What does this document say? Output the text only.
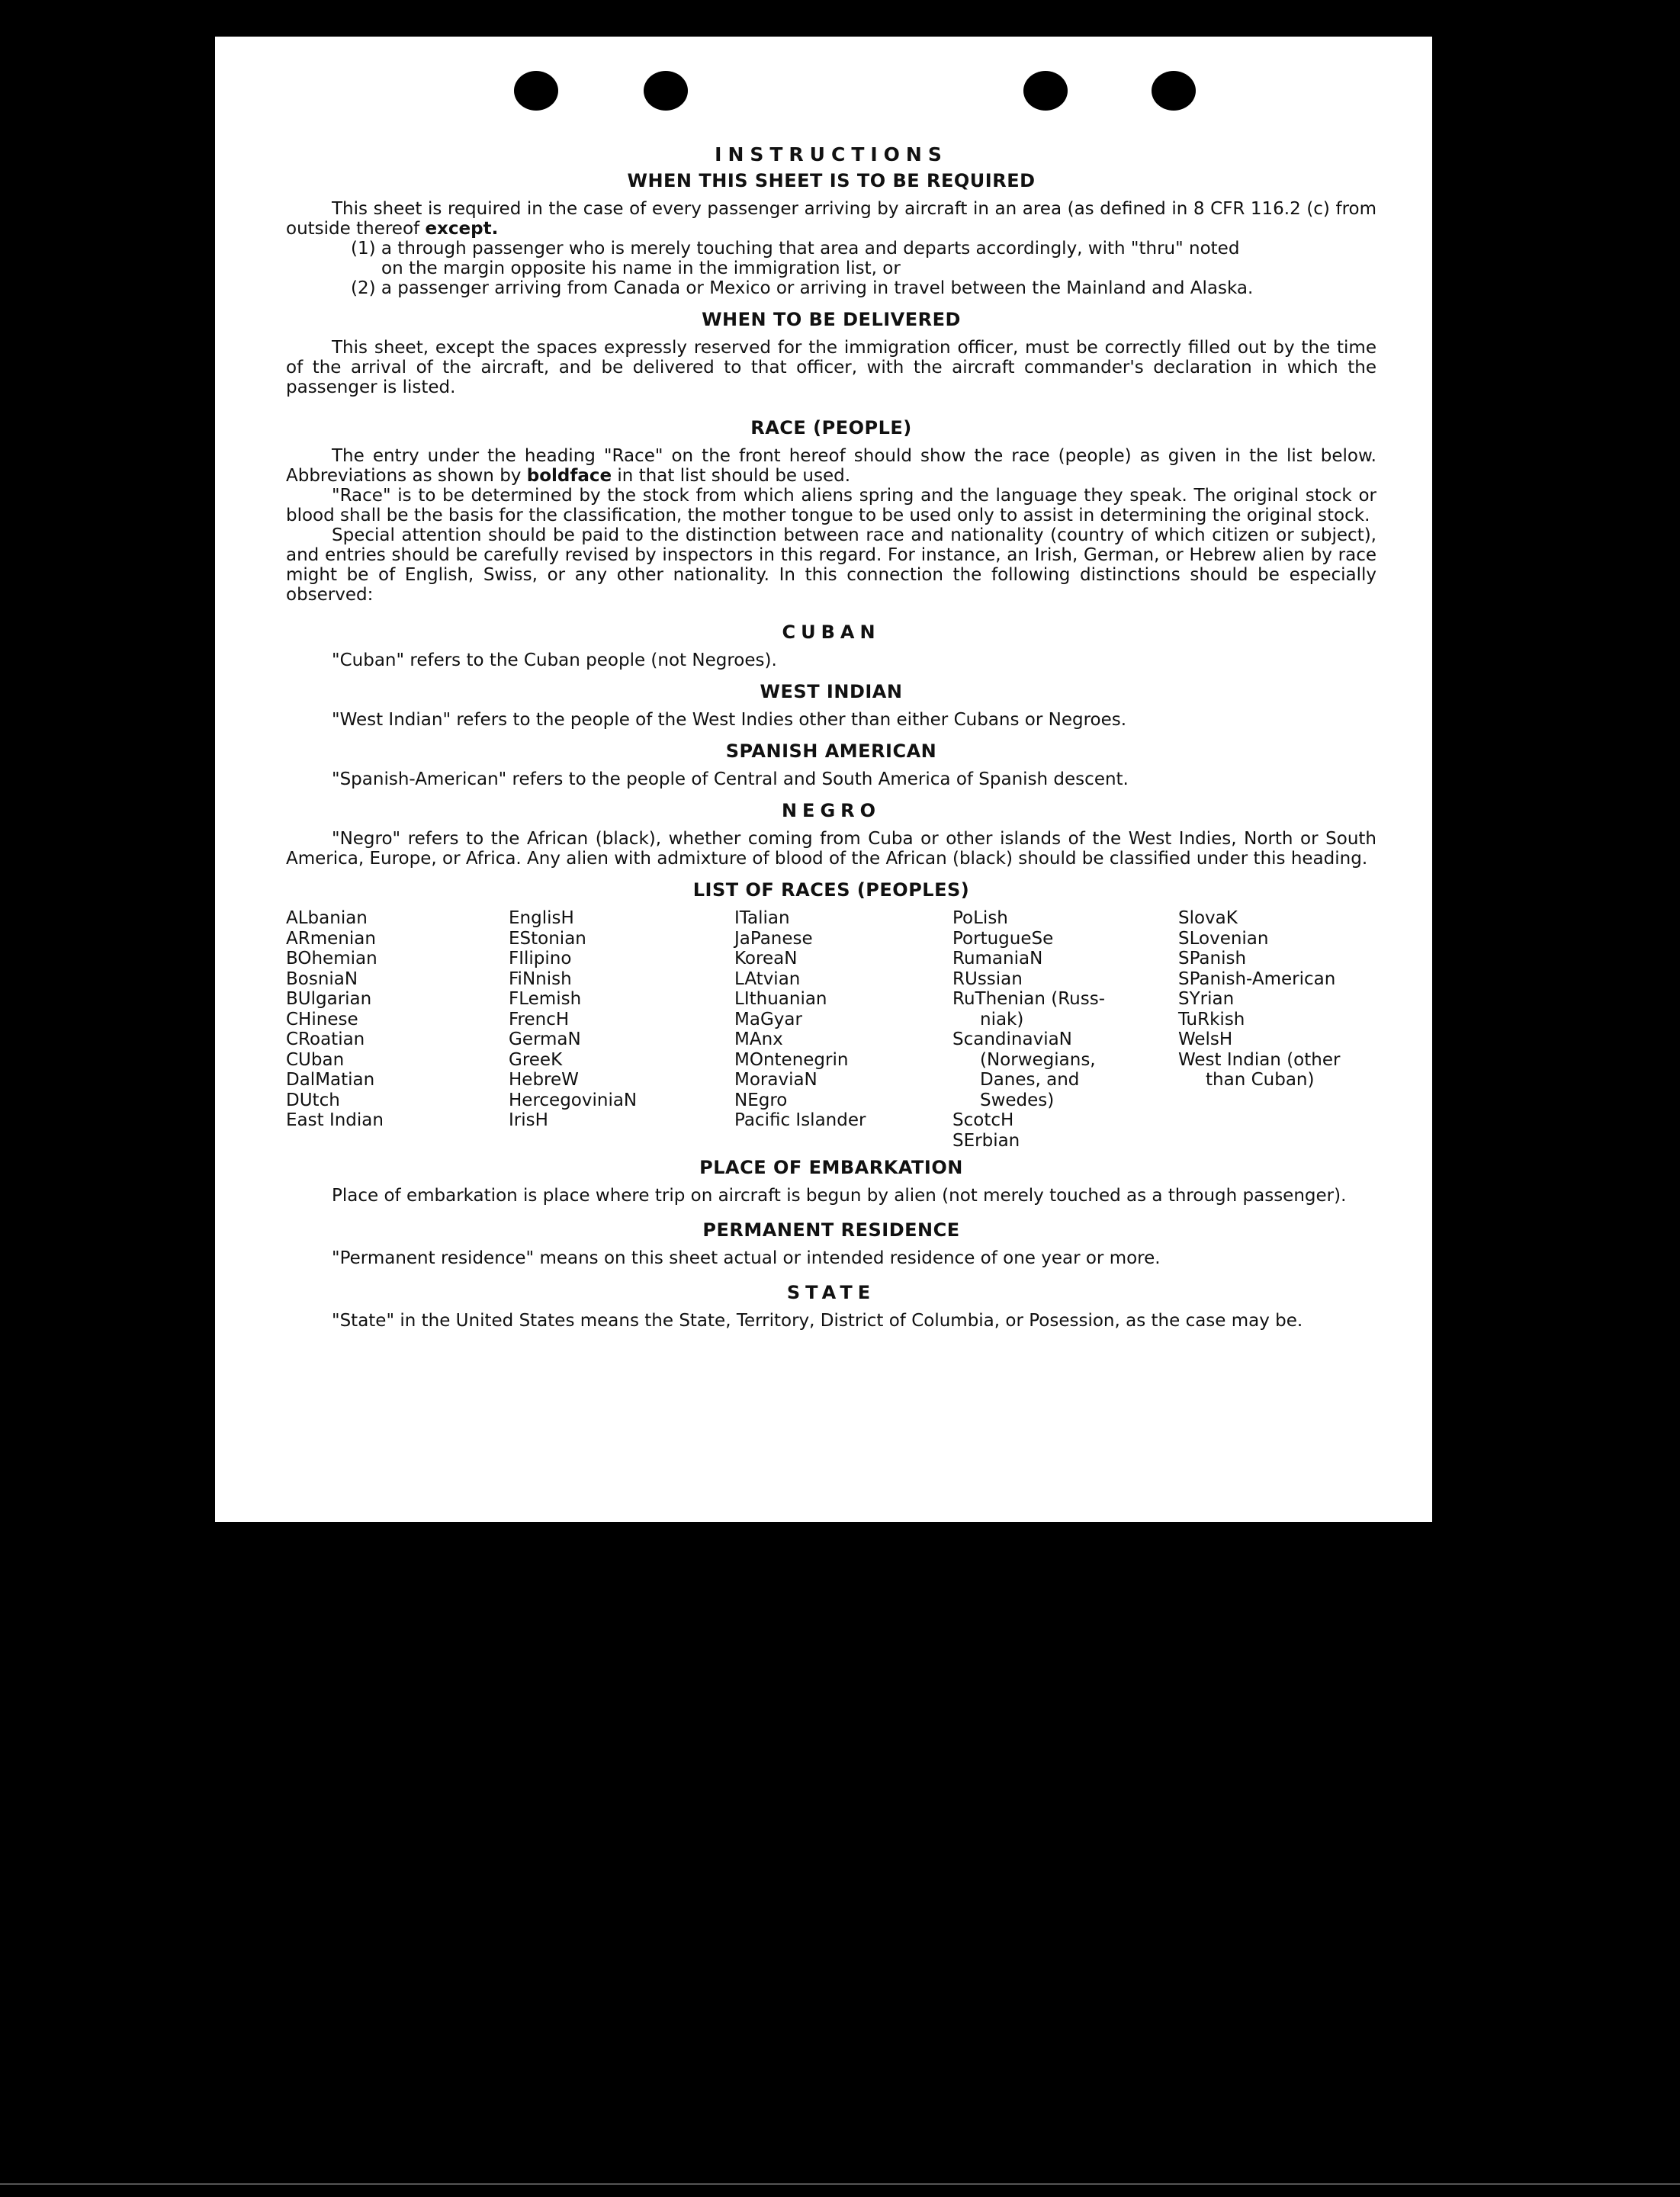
INSTRUCTIONS
WHEN THIS SHEET IS TO BE REQUIRED

This sheet is required in the case of every passenger arriving by aircraft in an area (as defined in 8 CFR 116.2 (c) from outside thereof except.

(1) a through passenger who is merely touching that area and departs accordingly, with "thru" noted

on the margin opposite his name in the immigration list, or

(2) a passenger arriving from Canada or Mexico or arriving in travel between the Mainland and Alaska.

WHEN TO BE DELIVERED

This sheet, except the spaces expressly reserved for the immigration officer, must be correctly filled out by the time of the arrival of the aircraft, and be delivered to that officer, with the aircraft commander's declaration in which the passenger is listed.

RACE (PEOPLE)

The entry under the heading "Race" on the front hereof should show the race (people) as given in the list below. Abbreviations as shown by boldface in that list should be used.

"Race" is to be determined by the stock from which aliens spring and the language they speak. The original stock or blood shall be the basis for the classification, the mother tongue to be used only to assist in determining the original stock.

Special attention should be paid to the distinction between race and nationality (country of which citizen or subject), and entries should be carefully revised by inspectors in this regard. For instance, an Irish, German, or Hebrew alien by race might be of English, Swiss, or any other nationality. In this connection the following distinctions should be especially observed:

CUBAN

"Cuban" refers to the Cuban people (not Negroes).

WEST INDIAN

"West Indian" refers to the people of the West Indies other than either Cubans or Negroes.

SPANISH AMERICAN

"Spanish-American" refers to the people of Central and South America of Spanish descent.

NEGRO

"Negro" refers to the African (black), whether coming from Cuba or other islands of the West Indies, North or South America, Europe, or Africa. Any alien with admixture of blood of the African (black) should be classified under this heading.

LIST OF RACES (PEOPLES)
ALbanian
ARmenian
BOhemian
BosniaN
BUlgarian
CHinese
CRoatian
CUban
DalMatian
DUtch
East Indian
EnglisH
EStonian
FIlipino
FiNnish
FLemish
FrencH
GermaN
GreeK
HebreW
HercegoviniaN
IrisH
ITalian
JaPanese
KoreaN
LAtvian
LIthuanian
MaGyar
MAnx
MOntenegrin
MoraviaN
NEgro
Pacific Islander
PoLish
PortugueSe
RumaniaN
RUssian
RuThenian (Russ-
niak)
ScandinaviaN
(Norwegians,
Danes, and
Swedes)
ScotcH
SErbian
SlovaK
SLovenian
SPanish
SPanish-American
SYrian
TuRkish
WelsH
West Indian (other
than Cuban)
PLACE OF EMBARKATION

Place of embarkation is place where trip on aircraft is begun by alien (not merely touched as a through passenger).

PERMANENT RESIDENCE

"Permanent residence" means on this sheet actual or intended residence of one year or more.

STATE

"State" in the United States means the State, Territory, District of Columbia, or Posession, as the case may be.
